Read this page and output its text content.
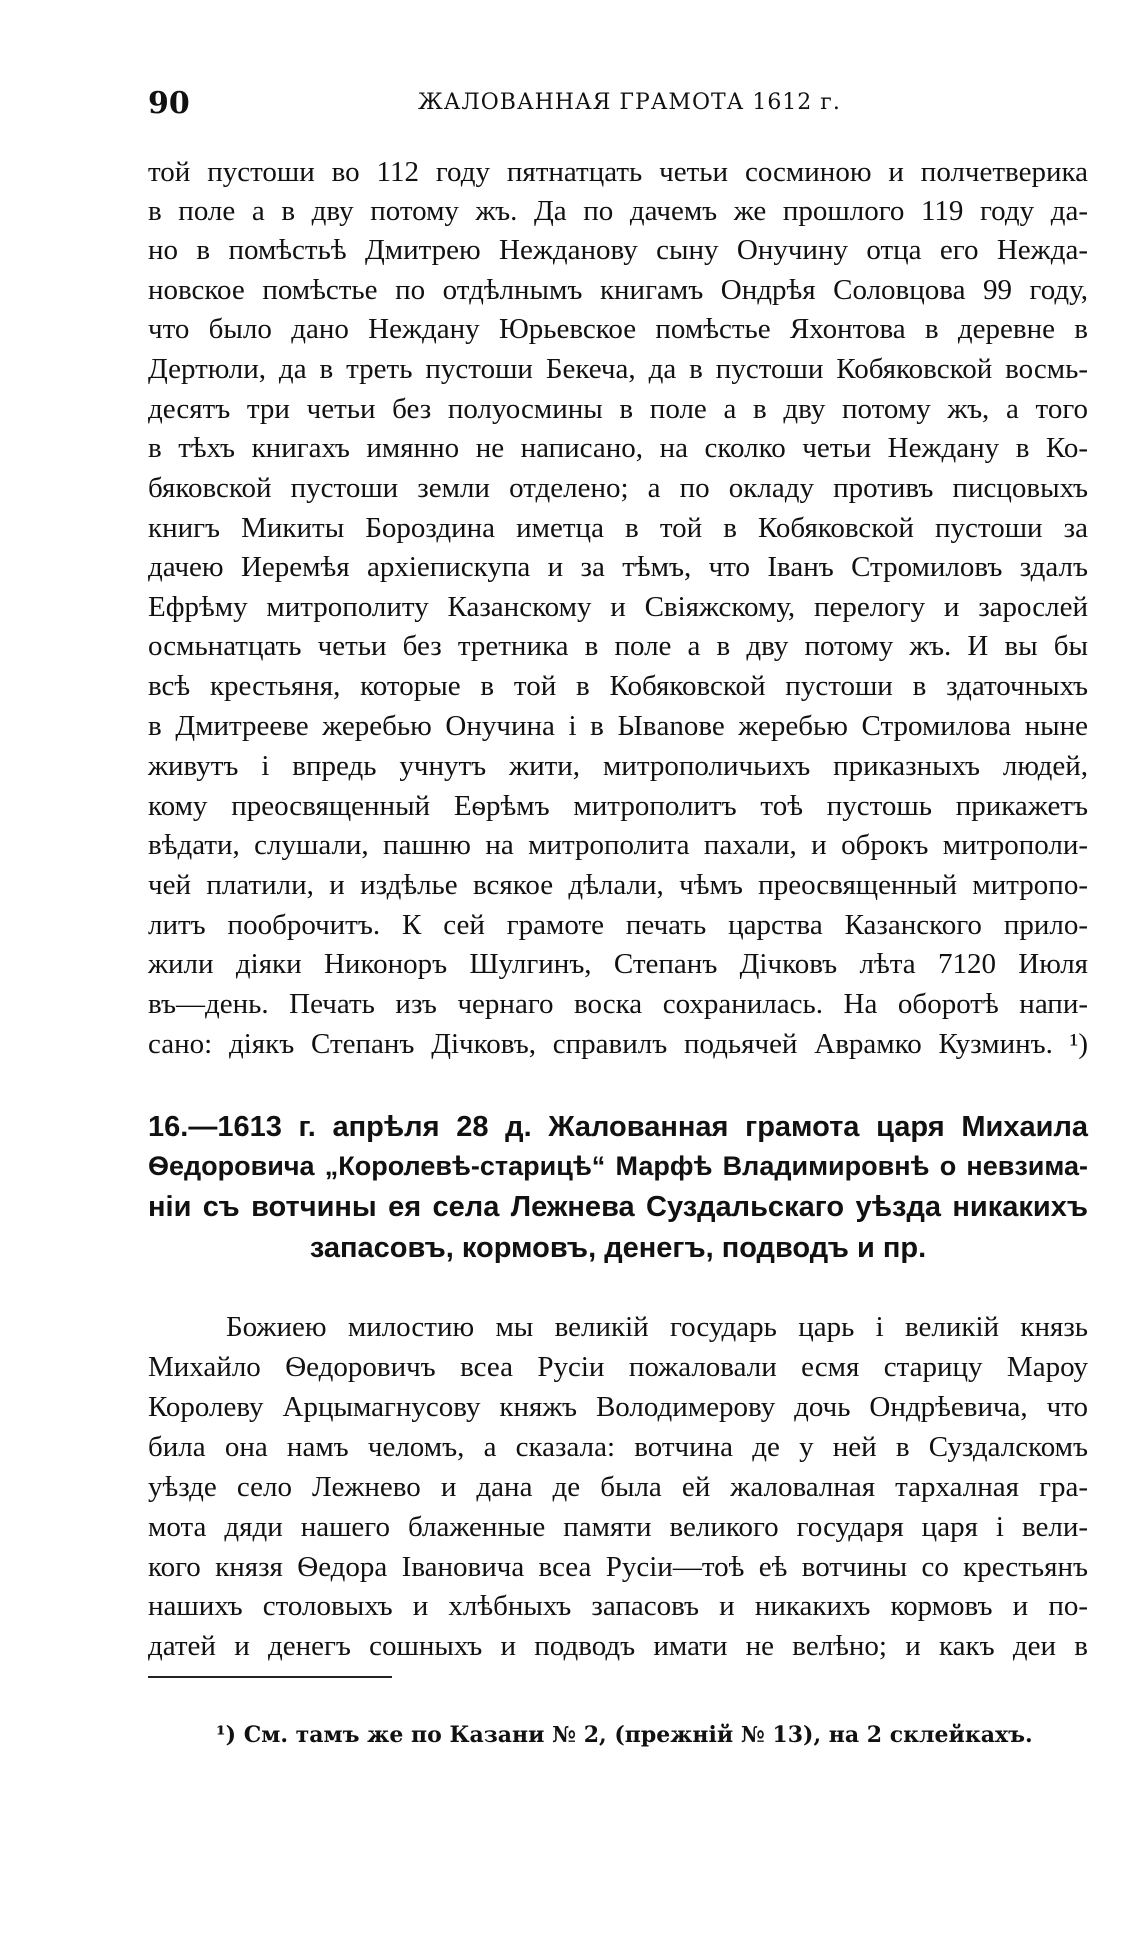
90	ЖАЛОВАННАЯ ГРАМОТА 1612 г.

той пустоши во 112 году пятнатцать четьи сосминою и полчетверика

в поле а в дву потому жъ. Да по дачемъ же прошлого 119 году да-

но в помѣстьѣ Дмитрею Нежданову сыну Онучину отца его Нежда-

новское помѣстье по отдѣлнымъ книгамъ Ондрѣя Соловцова 99 году,

что было дано Неждану Юрьевское помѣстье Яхонтова в деревне в

Дертюли, да в треть пустоши Бекеча, да в пустоши Кобяковской восмь-

десятъ три четьи без полуосмины в поле а в дву потому жъ, а того

в тѣхъ книгахъ имянно не написано, на сколко четьи Неждану в Ко-

бяковской пустоши земли отделено; а по окладу противъ писцовыхъ

книгъ Микиты Бороздина иметца в той в Кобяковской пустоши за

дачею Иеремѣя архіепискупа и за тѣмъ, что Іванъ Стромиловъ здалъ

Ефрѣму митрополиту Казанскому и Свіяжскому, перелогу и зарослей

осмьнатцать четьи без третника в поле а в дву потому жъ. И вы бы

всѣ крестьяня, которые в той в Кобяковской пустоши в здаточныхъ

в Дмитрееве жеребью Онучина і в Ывanове жеребью Стромилова ныне

живутъ і впредь учнутъ жити, митрополичьихъ приказныхъ людей,

кому преосвященный Еѳрѣмъ митрополитъ тоѣ пустошь прикажетъ

вѣдати, слушали, пашню на митрополита пахали, и оброкъ митрополи-

чей платили, и издѣлье всякое дѣлали, чѣмъ преосвященный митропо-

литъ пооброчитъ. К сей грамоте печать царства Казанского прило-

жили діяки Никоноръ Шулгинъ, Степанъ Дічковъ лѣта 7120 Июля

въ—день. Печать изъ чернаго воска сохранилась. На оборотѣ напи-

сано: діякъ Степанъ Дічковъ, справилъ подьячей Аврамко Кузминъ. ¹)

16.—1613 г. апрѣля 28 д. Жалованная грамота царя Михаила

Ѳедоровича „Королевѣ-старицѣ“ Марфѣ Владимировнѣ о невзима-

ніи съ вотчины ея села Лежнева Суздальскаго уѣзда никакихъ

запасовъ, кормовъ, денегъ, подводъ и пр.

Божиею милостию мы великій государь царь і великій князь

Михайло Ѳедоровичъ всеа Русіи пожаловали есмя старицу Мароу

Королеву Арцымагнусову княжъ Володимерову дочь Ондрѣевича, что

била она намъ челомъ, а сказала: вотчина де у ней в Суздалскомъ

уѣзде село Лежнево и дана де была ей жаловалная тархалная гра-

мота дяди нашего блаженные памяти великого государя царя і вели-

кого князя Ѳедора Івановича всеа Русіи—тоѣ еѣ вотчины со крестьянъ

нашихъ столовыхъ и хлѣбныхъ запасовъ и никакихъ кормовъ и по-

датей и денегъ сошныхъ и подводъ имати не велѣно; и какъ деи в

¹) См. тамъ же по Казани № 2, (прежній № 13), на 2 склейкахъ.
